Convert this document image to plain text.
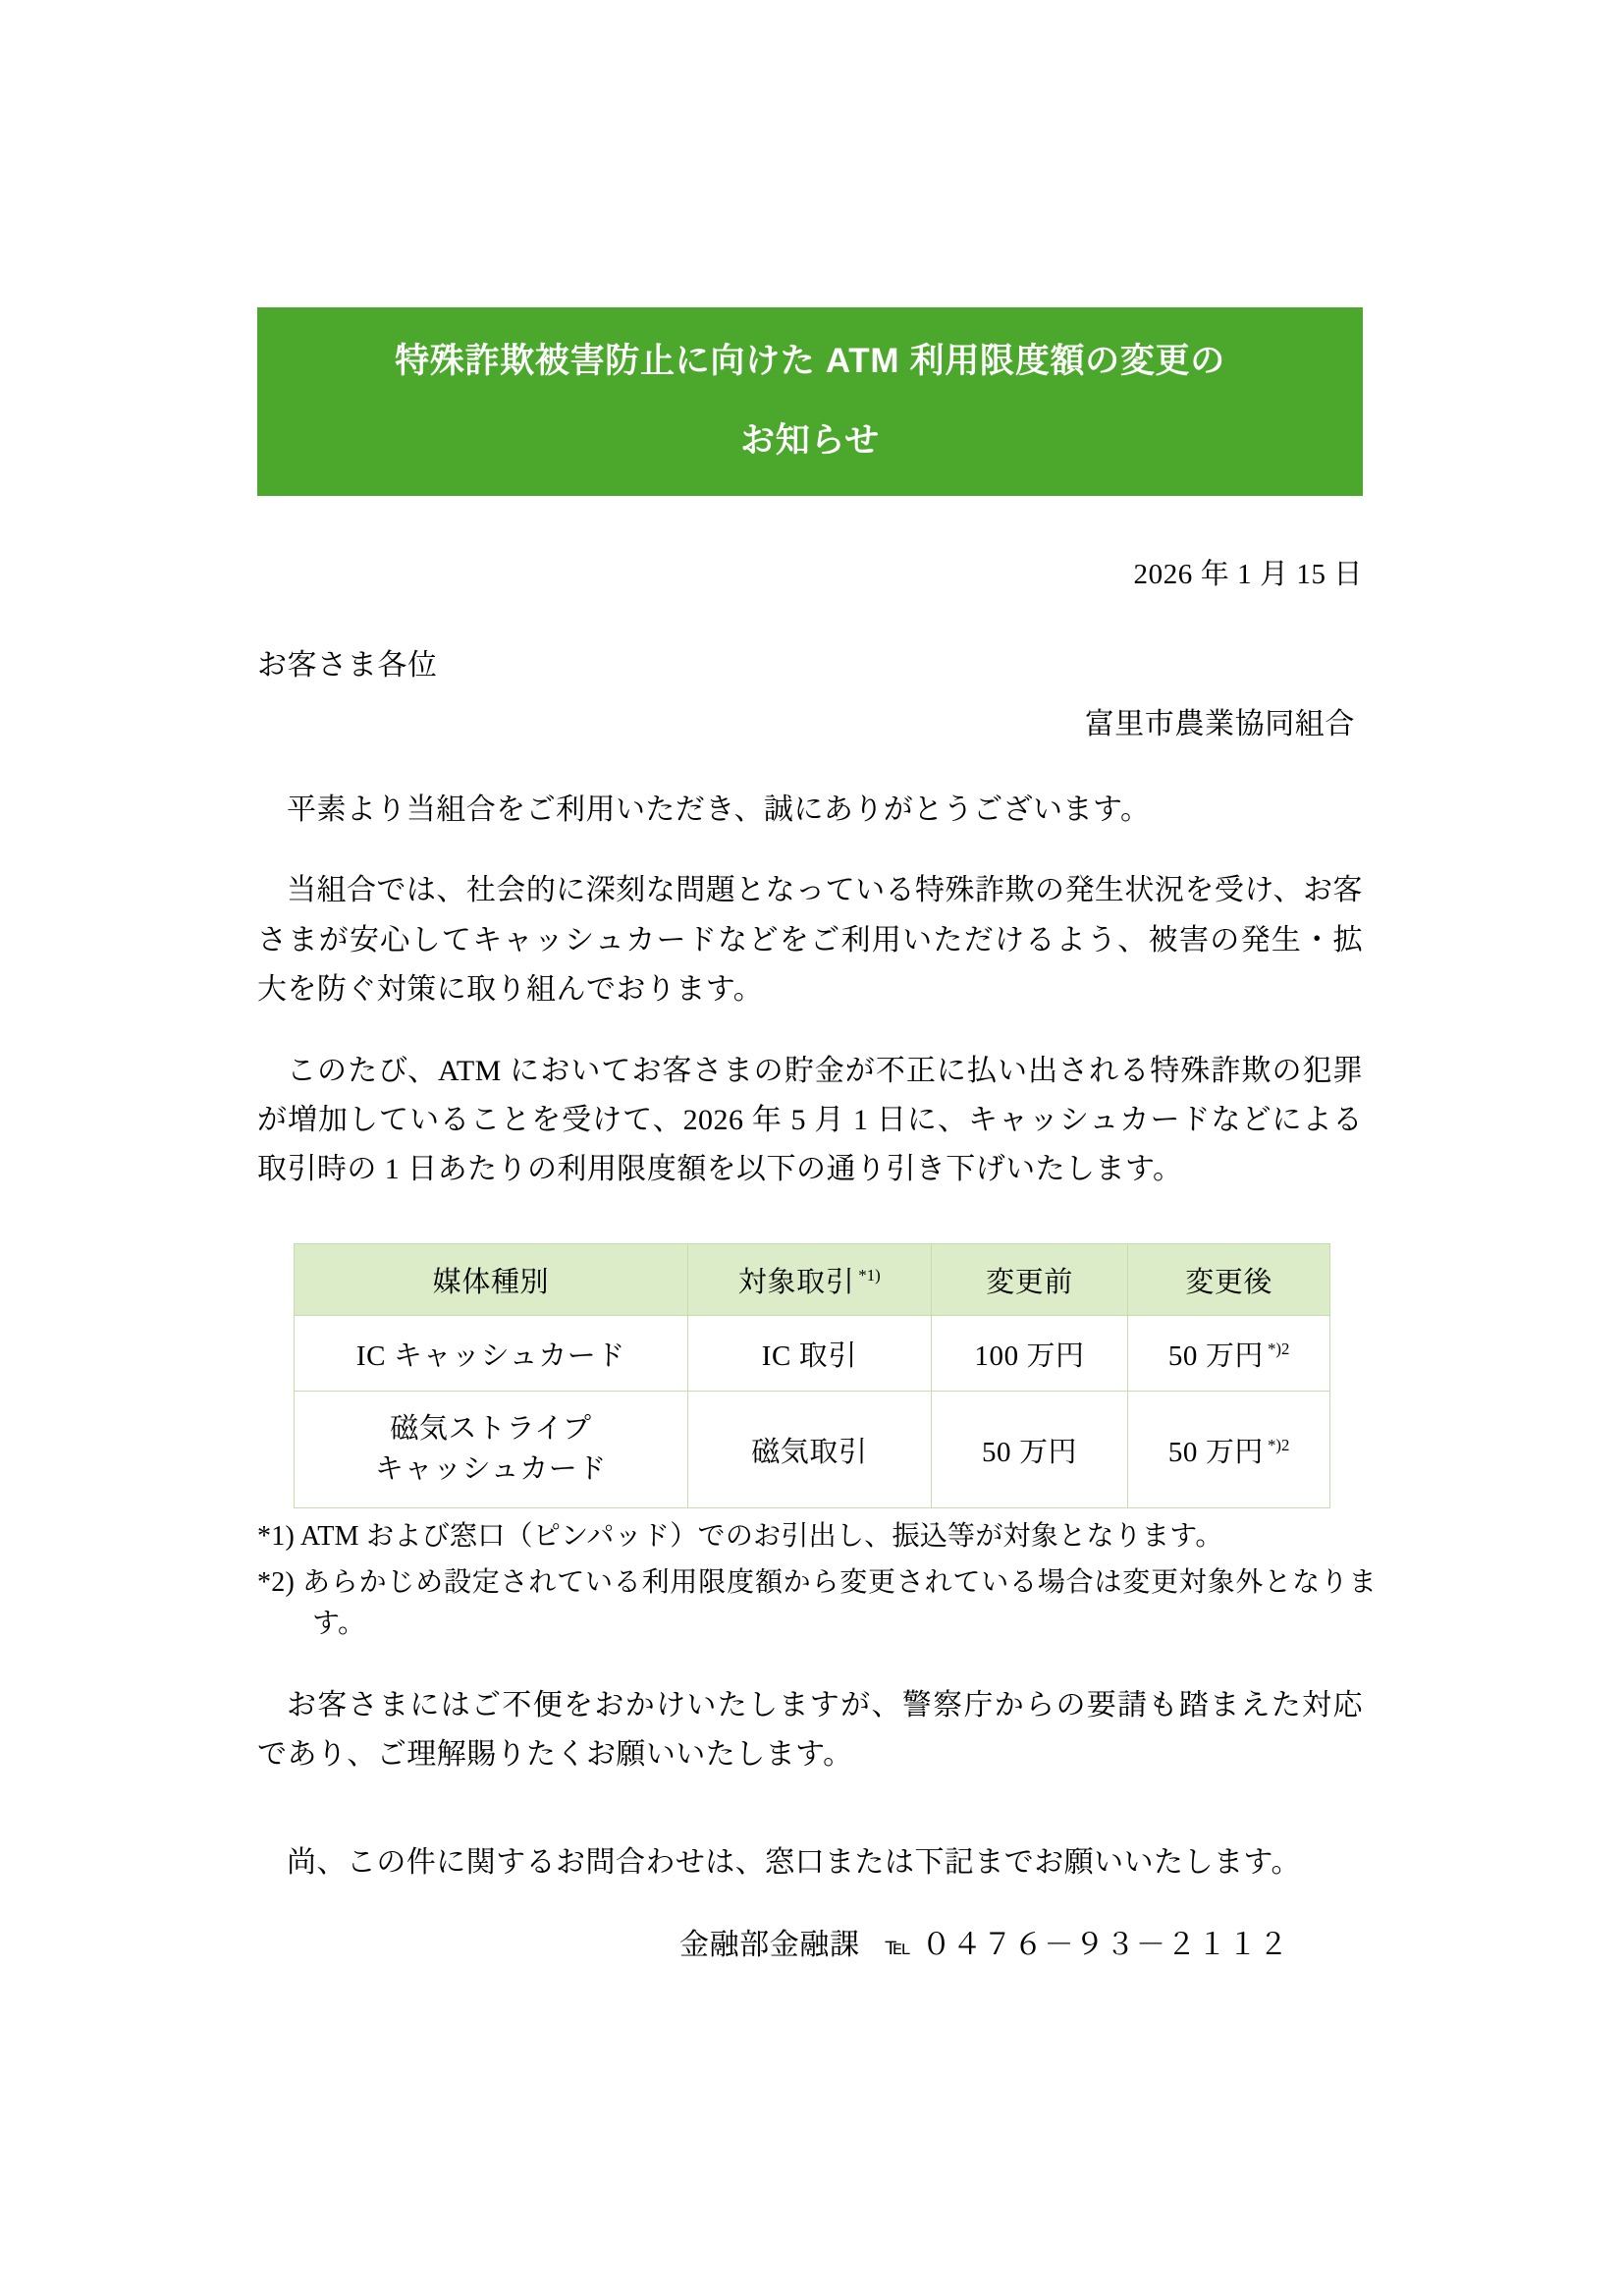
特殊詐欺被害防止に向けた ATM 利用限度額の変更の
お知らせ
2026 年 1 月 15 日
お客さま各位
富里市農業協同組合

平素より当組合をご利用いただき、誠にありがとうございます。

当組合では、社会的に深刻な問題となっている特殊詐欺の発生状況を受け、お客さまが安心してキャッシュカードなどをご利用いただけるよう、被害の発生・拡大を防ぐ対策に取り組んでおります。

このたび、ATM においてお客さまの貯金が不正に払い出される特殊詐欺の犯罪が増加していることを受けて、2026 年 5 月 1 日に、キャッシュカードなどによる取引時の 1 日あたりの利用限度額を以下の通り引き下げいたします。

媒体種別	対象取引 $^{*1)}$	変更前	変更後
IC キャッシュカード	IC 取引	100 万円	50 万円 $^{*)2}$

磁気ストライプ
キャッシュカード	磁気取引	50 万円	50 万円 $^{*)2}$

*1) ATM および窓口（ピンパッド）でのお引出し、振込等が対象となります。

*2) あらかじめ設定されている利用限度額から変更されている場合は変更対象外となります。

お客さまにはご不便をおかけいたしますが、警察庁からの要請も踏まえた対応であり、ご理解賜りたくお願いいたします。

尚、この件に関するお問合わせは、窓口または下記までお願いいたします。

金融部金融課 ℡ ０４７６－９３－２１１２
